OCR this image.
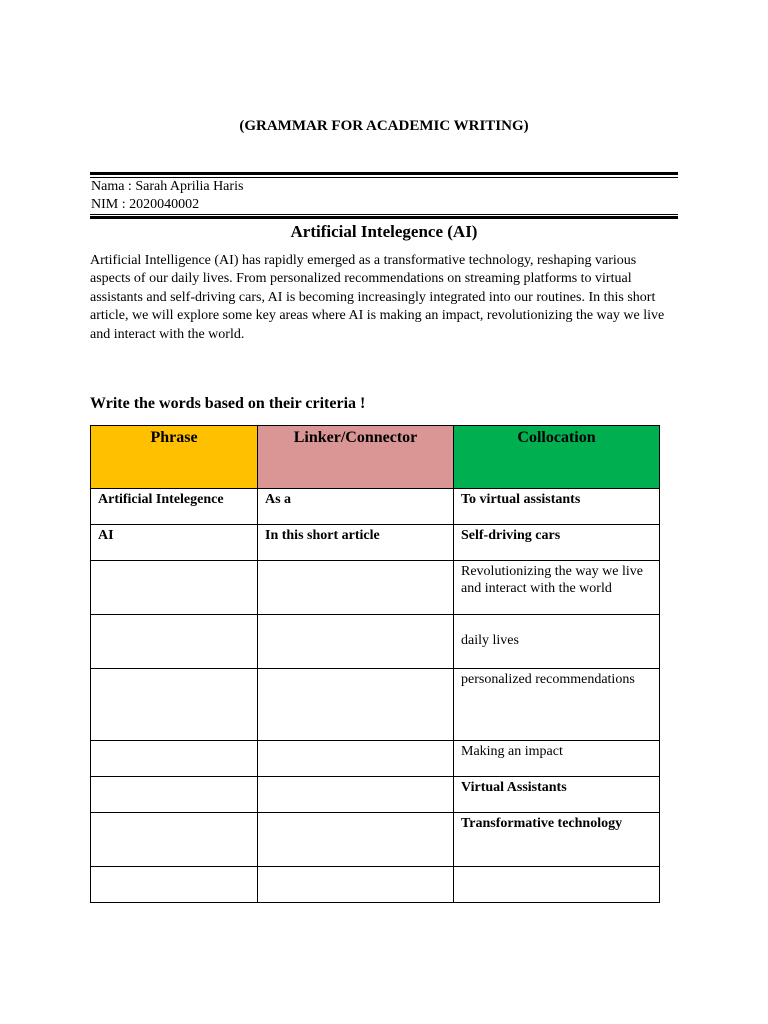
(GRAMMAR FOR ACADEMIC WRITING)
Nama : Sarah Aprilia Haris
NIM : 2020040002
Artificial Intelegence (AI)

Artificial Intelligence (AI) has rapidly emerged as a transformative technology, reshaping various aspects of our daily lives. From personalized recommendations on streaming platforms to virtual assistants and self-driving cars, AI is becoming increasingly integrated into our routines. In this short article, we will explore some key areas where AI is making an impact, revolutionizing the way we live and interact with the world.

Write the words based on their criteria !
Phrase	Linker/Connector	Collocation
Artificial Intelegence	As a	To virtual assistants
AI	In this short article	Self-driving cars
		Revolutionizing the way we live and interact with the world
		daily lives
		personalized recommendations
		Making an impact
		Virtual Assistants
		Transformative technology
